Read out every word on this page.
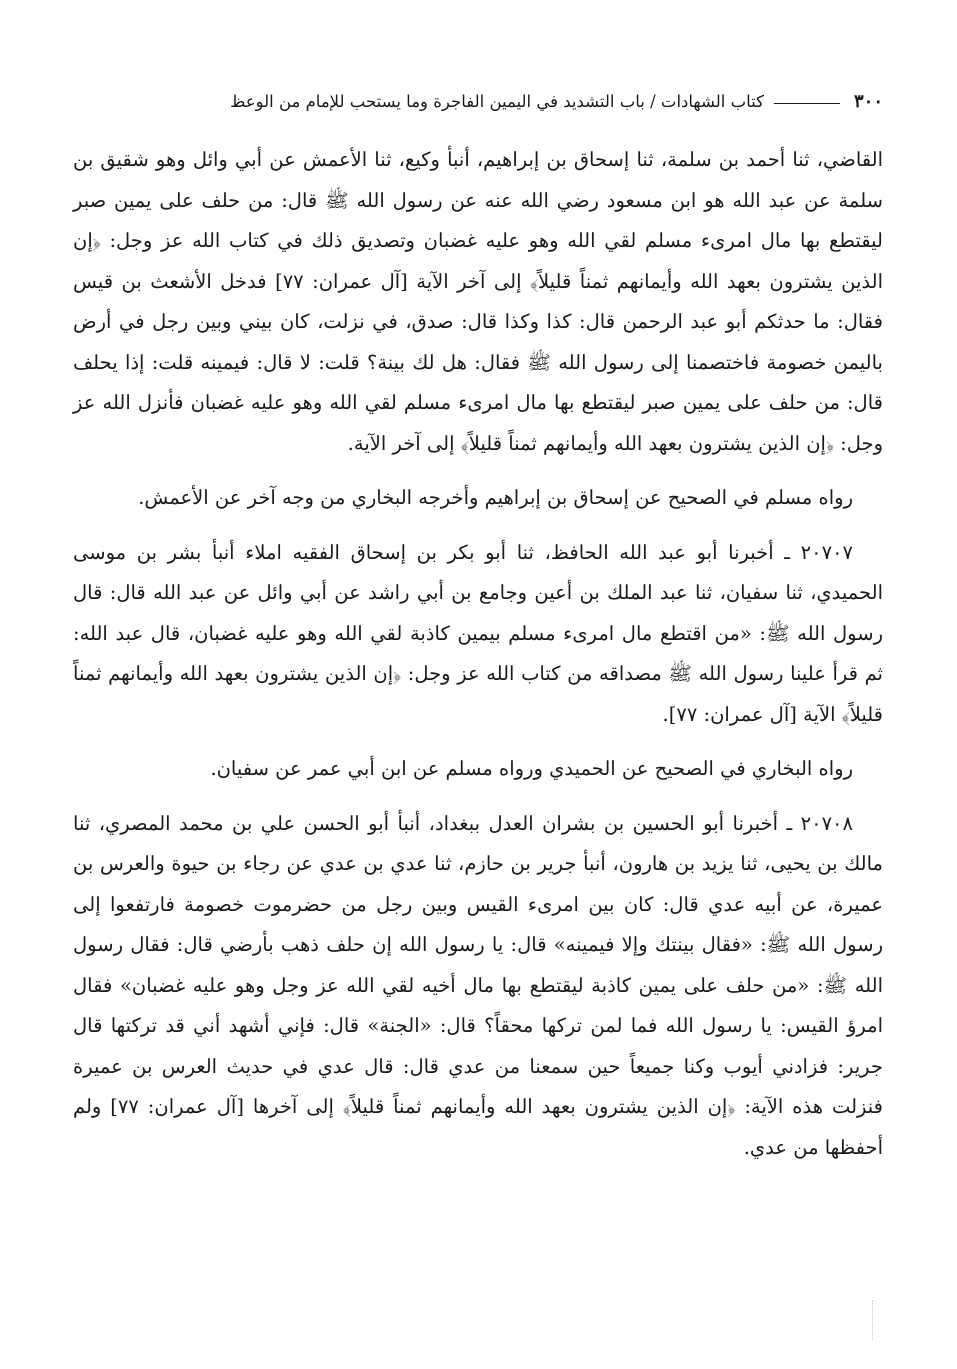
٣٠٠
كتاب الشهادات / باب التشديد في اليمين الفاجرة وما يستحب للإمام من الوعظ

القاضي، ثنا أحمد بن سلمة، ثنا إسحاق بن إبراهيم، أنبأ وكيع، ثنا الأعمش عن أبي وائل وهو شقيق بن سلمة عن عبد الله هو ابن مسعود رضي الله عنه عن رسول الله ﷺ قال: من حلف على يمين صبر ليقتطع بها مال امرىء مسلم لقي الله وهو عليه غضبان وتصديق ذلك في كتاب الله عز وجل: ﴿إن الذين يشترون بعهد الله وأيمانهم ثمناً قليلاً﴾ إلى آخر الآية [آل عمران: ٧٧] فدخل الأشعث بن قيس فقال: ما حدثكم أبو عبد الرحمن قال: كذا وكذا قال: صدق، في نزلت، كان بيني وبين رجل في أرض باليمن خصومة فاختصمنا إلى رسول الله ﷺ فقال: هل لك بينة؟ قلت: لا قال: فيمينه قلت: إذا يحلف قال: من حلف على يمين صبر ليقتطع بها مال امرىء مسلم لقي الله وهو عليه غضبان فأنزل الله عز وجل: ﴿إن الذين يشترون بعهد الله وأيمانهم ثمناً قليلاً﴾ إلى آخر الآية.

رواه مسلم في الصحيح عن إسحاق بن إبراهيم وأخرجه البخاري من وجه آخر عن الأعمش.

٢٠٧٠٧ ـ أخبرنا أبو عبد الله الحافظ، ثنا أبو بكر بن إسحاق الفقيه املاء أنبأ بشر بن موسى الحميدي، ثنا سفيان، ثنا عبد الملك بن أعين وجامع بن أبي راشد عن أبي وائل عن عبد الله قال: قال رسول الله ﷺ: «من اقتطع مال امرىء مسلم بيمين كاذبة لقي الله وهو عليه غضبان، قال عبد الله: ثم قرأ علينا رسول الله ﷺ مصداقه من كتاب الله عز وجل: ﴿إن الذين يشترون بعهد الله وأيمانهم ثمناً قليلاً﴾ الآية [آل عمران: ٧٧].

رواه البخاري في الصحيح عن الحميدي ورواه مسلم عن ابن أبي عمر عن سفيان.

٢٠٧٠٨ ـ أخبرنا أبو الحسين بن بشران العدل ببغداد، أنبأ أبو الحسن علي بن محمد المصري، ثنا مالك بن يحيى، ثنا يزيد بن هارون، أنبأ جرير بن حازم، ثنا عدي بن عدي عن رجاء بن حيوة والعرس بن عميرة، عن أبيه عدي قال: كان بين امرىء القيس وبين رجل من حضرموت خصومة فارتفعوا إلى رسول الله ﷺ: «فقال بينتك وإلا فيمينه» قال: يا رسول الله إن حلف ذهب بأرضي قال: فقال رسول الله ﷺ: «من حلف على يمين كاذبة ليقتطع بها مال أخيه لقي الله عز وجل وهو عليه غضبان» فقال امرؤ القيس: يا رسول الله فما لمن تركها محقاً؟ قال: «الجنة» قال: فإني أشهد أني قد تركتها قال جرير: فزادني أيوب وكنا جميعاً حين سمعنا من عدي قال: قال عدي في حديث العرس بن عميرة فنزلت هذه الآية: ﴿إن الذين يشترون بعهد الله وأيمانهم ثمناً قليلاً﴾ إلى آخرها [آل عمران: ٧٧] ولم أحفظها من عدي.
